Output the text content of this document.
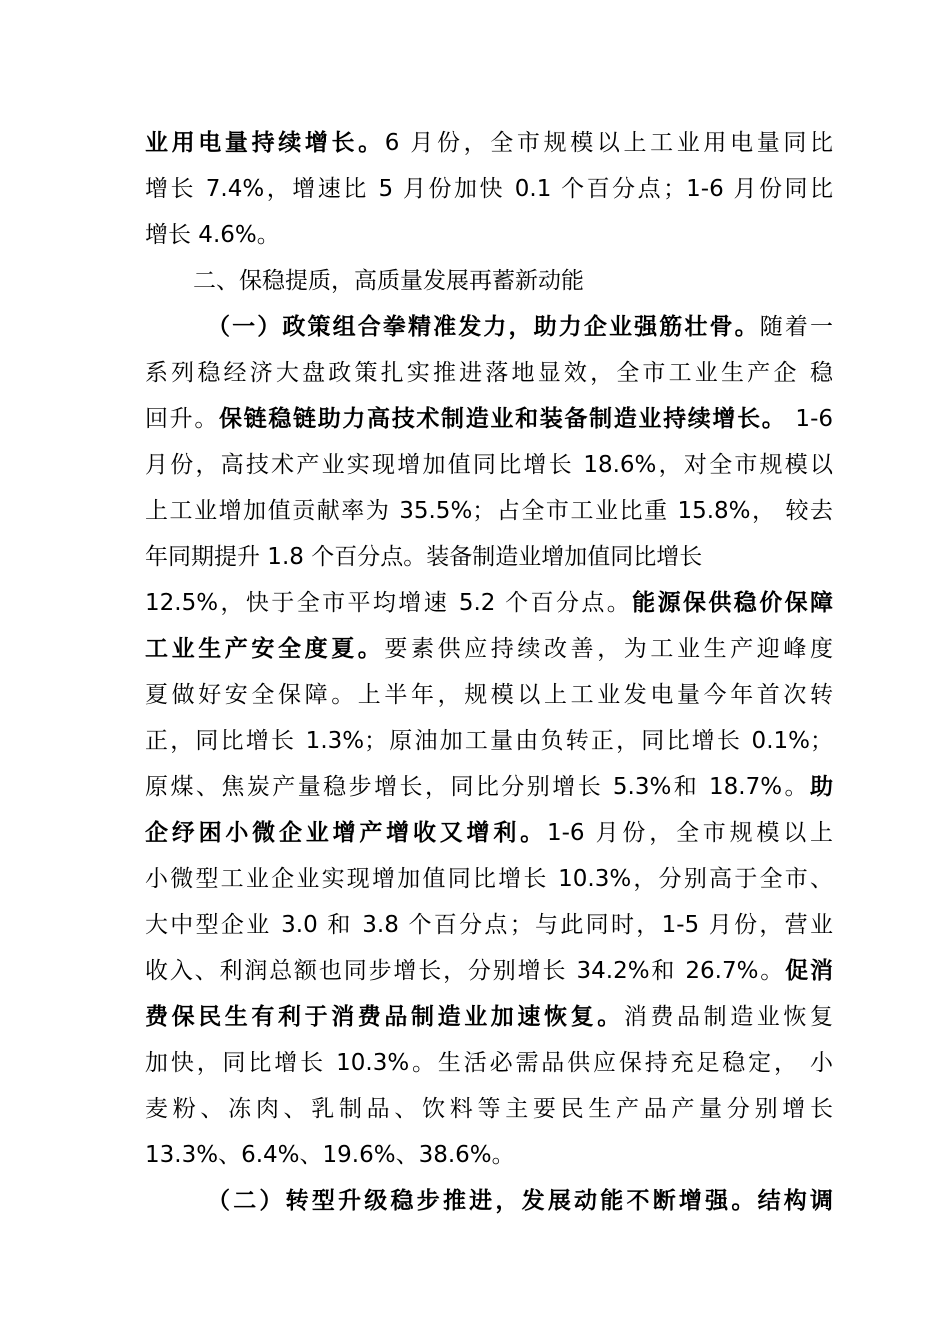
业用电量持续增长。6 月份，全市规模以上工业用电量同比
增长 7.4%，增速比 5 月份加快 0.1 个百分点；1-6 月份同比
增长 4.6%。
二、保稳提质，高质量发展再蓄新动能
（一）政策组合拳精准发力，助力企业强筋壮骨。随着一
系列稳经济大盘政策扎实推进落地显效，全市工业生产企 稳
回升。保链稳链助力高技术制造业和装备制造业持续增长。 1-6
月份，高技术产业实现增加值同比增长 18.6%，对全市规模以
上工业增加值贡献率为 35.5%；占全市工业比重 15.8%， 较去
年同期提升 1.8 个百分点。装备制造业增加值同比增长
12.5%，快于全市平均增速 5.2 个百分点。能源保供稳价保障
工业生产安全度夏。要素供应持续改善，为工业生产迎峰度
夏做好安全保障。上半年，规模以上工业发电量今年首次转
正，同比增长 1.3%；原油加工量由负转正，同比增长 0.1%；
原煤、焦炭产量稳步增长，同比分别增长 5.3%和 18.7%。助
企纾困小微企业增产增收又增利。1-6 月份，全市规模以上
小微型工业企业实现增加值同比增长 10.3%，分别高于全市、
大中型企业 3.0 和 3.8 个百分点；与此同时，1-5 月份，营业
收入、利润总额也同步增长，分别增长 34.2%和 26.7%。促消
费保民生有利于消费品制造业加速恢复。消费品制造业恢复
加快，同比增长 10.3%。生活必需品供应保持充足稳定， 小
麦粉、冻肉、乳制品、饮料等主要民生产品产量分别增长
13.3%、6.4%、19.6%、38.6%。
（二）转型升级稳步推进，发展动能不断增强。结构调
